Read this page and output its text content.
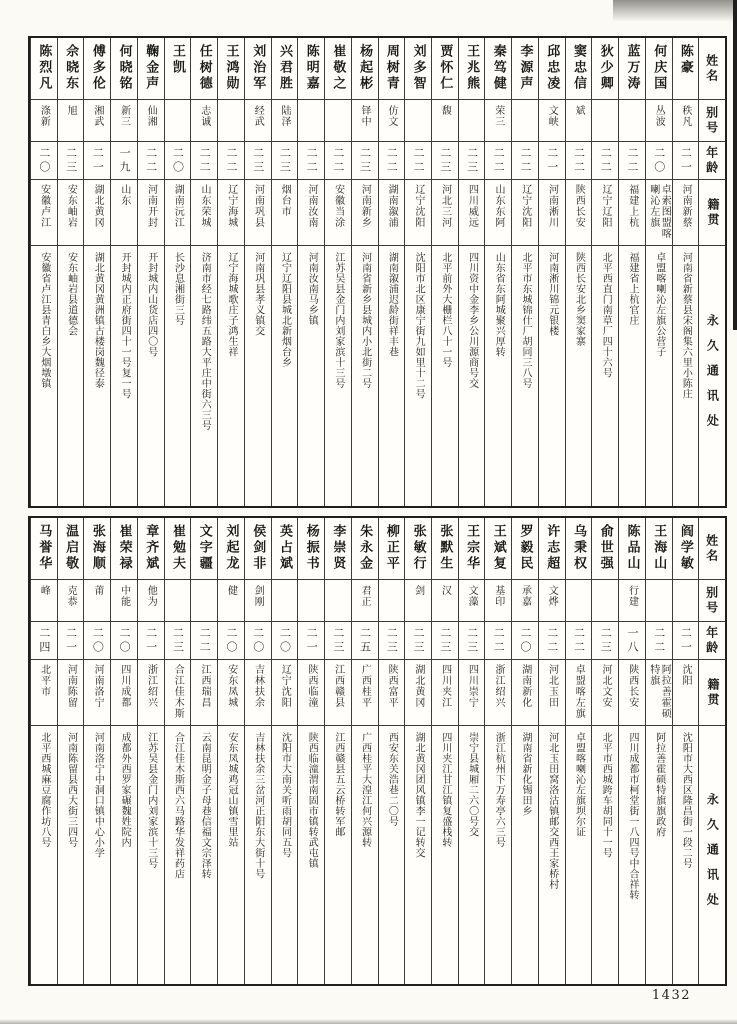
姓名
别号
年龄
籍贯
永久通讯处
陈豪
秩凡
二一
河南新蔡
河南省新蔡县宋阁集六里小陈庄
何庆国
丛波
二〇
卓索图盟喀喇沁左旗
卓盟喀喇沁左旗公营子
蓝万涛
二二
福建上杭
福建省上杭官庄
狄少卿
二二
辽宁辽阳
北平西直门南草厂四十六号
窦忠信
斌
二二
陕西长安
陕西长安北乡窦家寨
邱忠凌
文峡
二一
河南淅川
河南淅川锦元银楼
李源声
二二
辽宁沈阳
北平市东城锦什厂胡同三八号
秦笃健
荣三
二二
山东东阿
山东省东阿城聚兴厚转
王兆熊
二三
四川威远
四川资中金李乡公川源商号交
贾怀仁
馥
二三
河北三河
北平前外大栅栏八十一号
刘多智
二二
辽宁沈阳
沈阳市北区康宁街九如里十二号
周树青
仿文
二二
湖南溆浦
湖南溆浦迟龄街祥丰巷
杨起彬
铎中
二三
河南新乡
河南省新乡县城内小北街二号
崔敬之
二二
安徽当涂
江苏吴县金门内刘家滨十三号
陈明嘉
二二
河南汝南
河南汝南马乡镇
兴君胜
陆泽
二三
烟台市
辽宁辽阳县城北新烟台乡
刘治军
经武
二三
河南巩县
河南巩县孝义镇交
王鸿勋
二二
辽宁海城
辽宁海城歌庄子鸿生祥
任树德
志诚
二二
山东荣城
济南市经七路纬五路大平庄中街六三号
王凯
二〇
湖南沅江
长沙息湘街三号
鞠金声
仙湘
二二
河南开封
开封城内山货店四〇号
何晓铭
新三
一九
山东
开封城内正府街四十一号复一号
傅多伦
湘武
二一
湖北黄冈
湖北黄冈黄洲镇古楼岗魏径泰
佘晓东
旭
二三
安东岫岩
安东岫岩县道德会
陈烈凡
涤新
二〇
安徽卢江
安徽省卢江县青白乡大烟墩镇
姓名
别号
年龄
籍贯
永久通讯处
阎学敏
二一
沈阳
沈阳市大西区隆昌街一段二号
王海山
二二
阿拉善霍硕特旗
阿拉善霍硕特旗旗政府
陈品山
行建
一八
陕西长安
四川成都市柯堂街一八四号中合祥转
俞世强
二三
河北文安
北平市西城跨车胡同十一号
乌秉权
二二
卓盟喀左旗
卓盟喀喇沁左旗坝尔证
许志超
文烨
二二
河北玉田
河北玉田窝洛沽镇邮交西王家桥村
罗毅民
承嘉
二〇
湖南新化
湖南省新化锡田乡
王斌复
基印
二二
浙江绍兴
浙江杭州下万寿亭六三号
王宗华
文藻
二三
四川崇宁
崇宁县城厢二六〇号交
张默生
汉
二三
四川夹江
四川夹江甘江镇复盛栈转
张敏行
剑
二三
湖北黄冈
湖北黄冈团风镇李一记转交
柳正平
二三
陕西富平
西安东关浩巷二〇号
朱永金
君正
二五
广西桂平
广西桂平大湟江何兴源转
李崇贤
二三
江西赣县
江西赣县五云桥转军邮
杨振书
二一
陕西临潼
陕西临潼渭南固市镇转武屯镇
英占斌
二〇
辽宁沈阳
沈阳市大南关听雨胡同五号
侯剑非
剑刚
二〇
吉林扶余
吉林扶余三岔河正阳东大街十号
刘起龙
健
二〇
安东凤城
安东凤城鸡冠山镇雪里站
文字疆
二二
江西瑞昌
云南昆明金子母巷信福文宗泽转
崔勉夫
二三
合江佳木斯
合江佳木斯西六马路华发祥药店
章齐斌
他为
二一
浙江绍兴
江苏吴县金门内刘家滨十三号
崔荣禄
中能
二〇
四川成都
成都外西罗家碾魏姓院内
张海顺
莆
二〇
河南洛宁
河南洛宁中洞口镇中心小学
温启敬
克恭
二一
河南陈留
河南陈留县西大街三四号
马誉华
峰
二四
北平市
北平西城麻豆腐作坊八号
1432
